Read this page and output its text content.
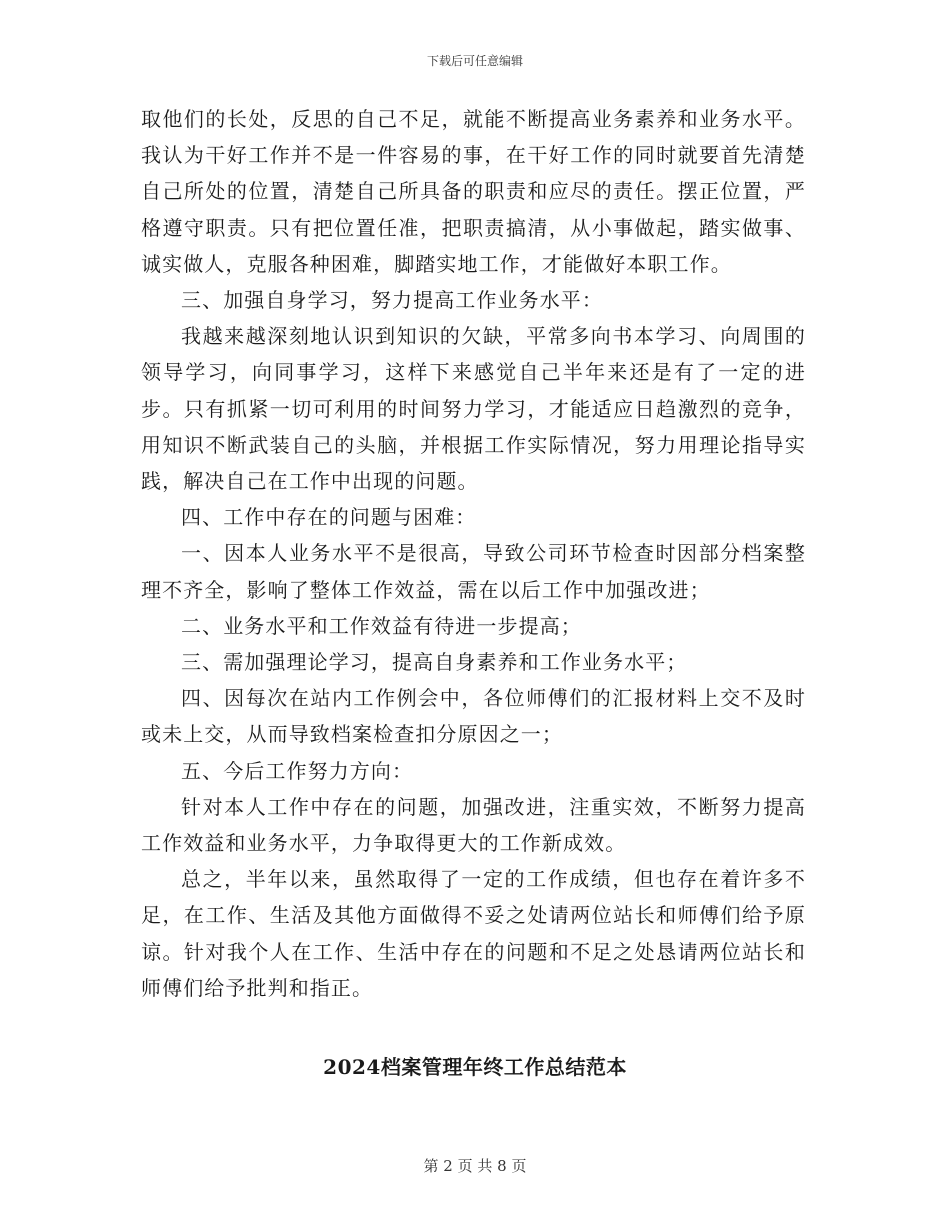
下载后可任意编辑

取他们的长处，反思的自己不足，就能不断提高业务素养和业务水平。我认为干好工作并不是一件容易的事，在干好工作的同时就要首先清楚自己所处的位置，清楚自己所具备的职责和应尽的责任。摆正位置，严格遵守职责。只有把位置任准，把职责搞清，从小事做起，踏实做事、诚实做人，克服各种困难，脚踏实地工作，才能做好本职工作。

三、加强自身学习，努力提高工作业务水平：

我越来越深刻地认识到知识的欠缺，平常多向书本学习、向周围的领导学习，向同事学习，这样下来感觉自己半年来还是有了一定的进步。只有抓紧一切可利用的时间努力学习，才能适应日趋激烈的竞争，用知识不断武装自己的头脑，并根据工作实际情况，努力用理论指导实践，解决自己在工作中出现的问题。

四、工作中存在的问题与困难：

一、因本人业务水平不是很高，导致公司环节检查时因部分档案整理不齐全，影响了整体工作效益，需在以后工作中加强改进；

二、业务水平和工作效益有待进一步提高；

三、需加强理论学习，提高自身素养和工作业务水平；

四、因每次在站内工作例会中，各位师傅们的汇报材料上交不及时或未上交，从而导致档案检查扣分原因之一；

五、今后工作努力方向：

针对本人工作中存在的问题，加强改进，注重实效，不断努力提高工作效益和业务水平，力争取得更大的工作新成效。

总之，半年以来，虽然取得了一定的工作成绩，但也存在着许多不足，在工作、生活及其他方面做得不妥之处请两位站长和师傅们给予原谅。针对我个人在工作、生活中存在的问题和不足之处恳请两位站长和师傅们给予批判和指正。

2024档案管理年终工作总结范本
第 2 页 共 8 页
